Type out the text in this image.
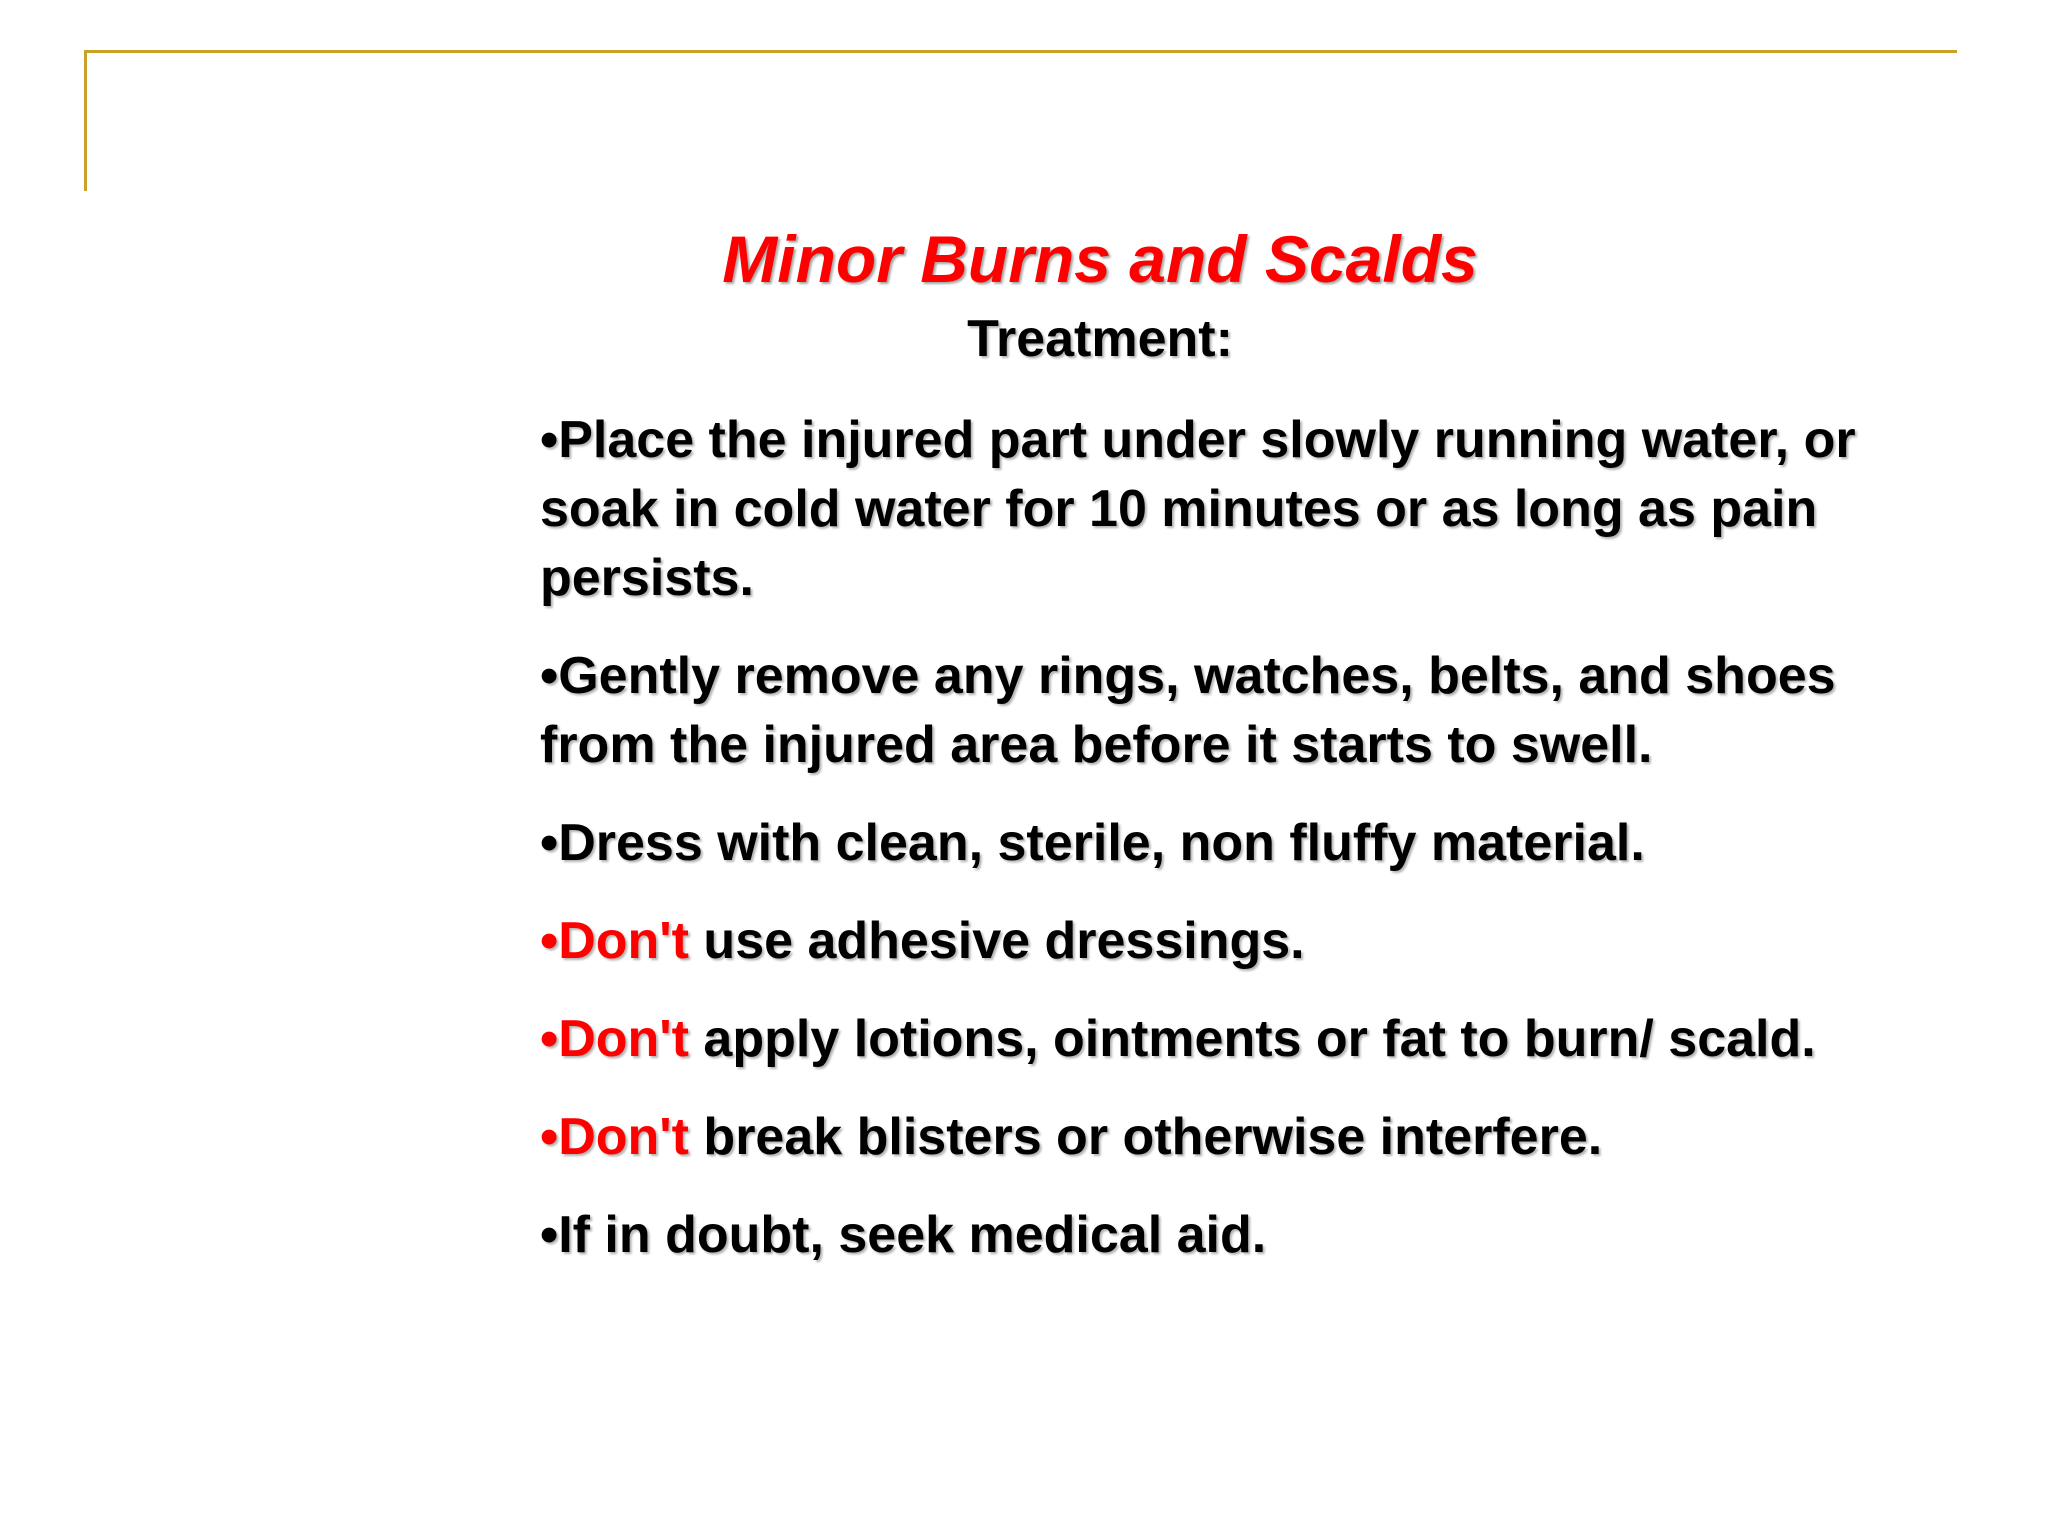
Minor Burns and Scalds
Treatment:
•Place the injured part under slowly running water, or soak in cold water for 10 minutes or as long as pain persists.
•Gently remove any rings, watches, belts, and shoes from the injured area before it starts to swell.
•Dress with clean, sterile, non fluffy material.
•Don't use adhesive dressings.
•Don't apply lotions, ointments or fat to burn/ scald.
•Don't break blisters or otherwise interfere.
•If in doubt, seek medical aid.
